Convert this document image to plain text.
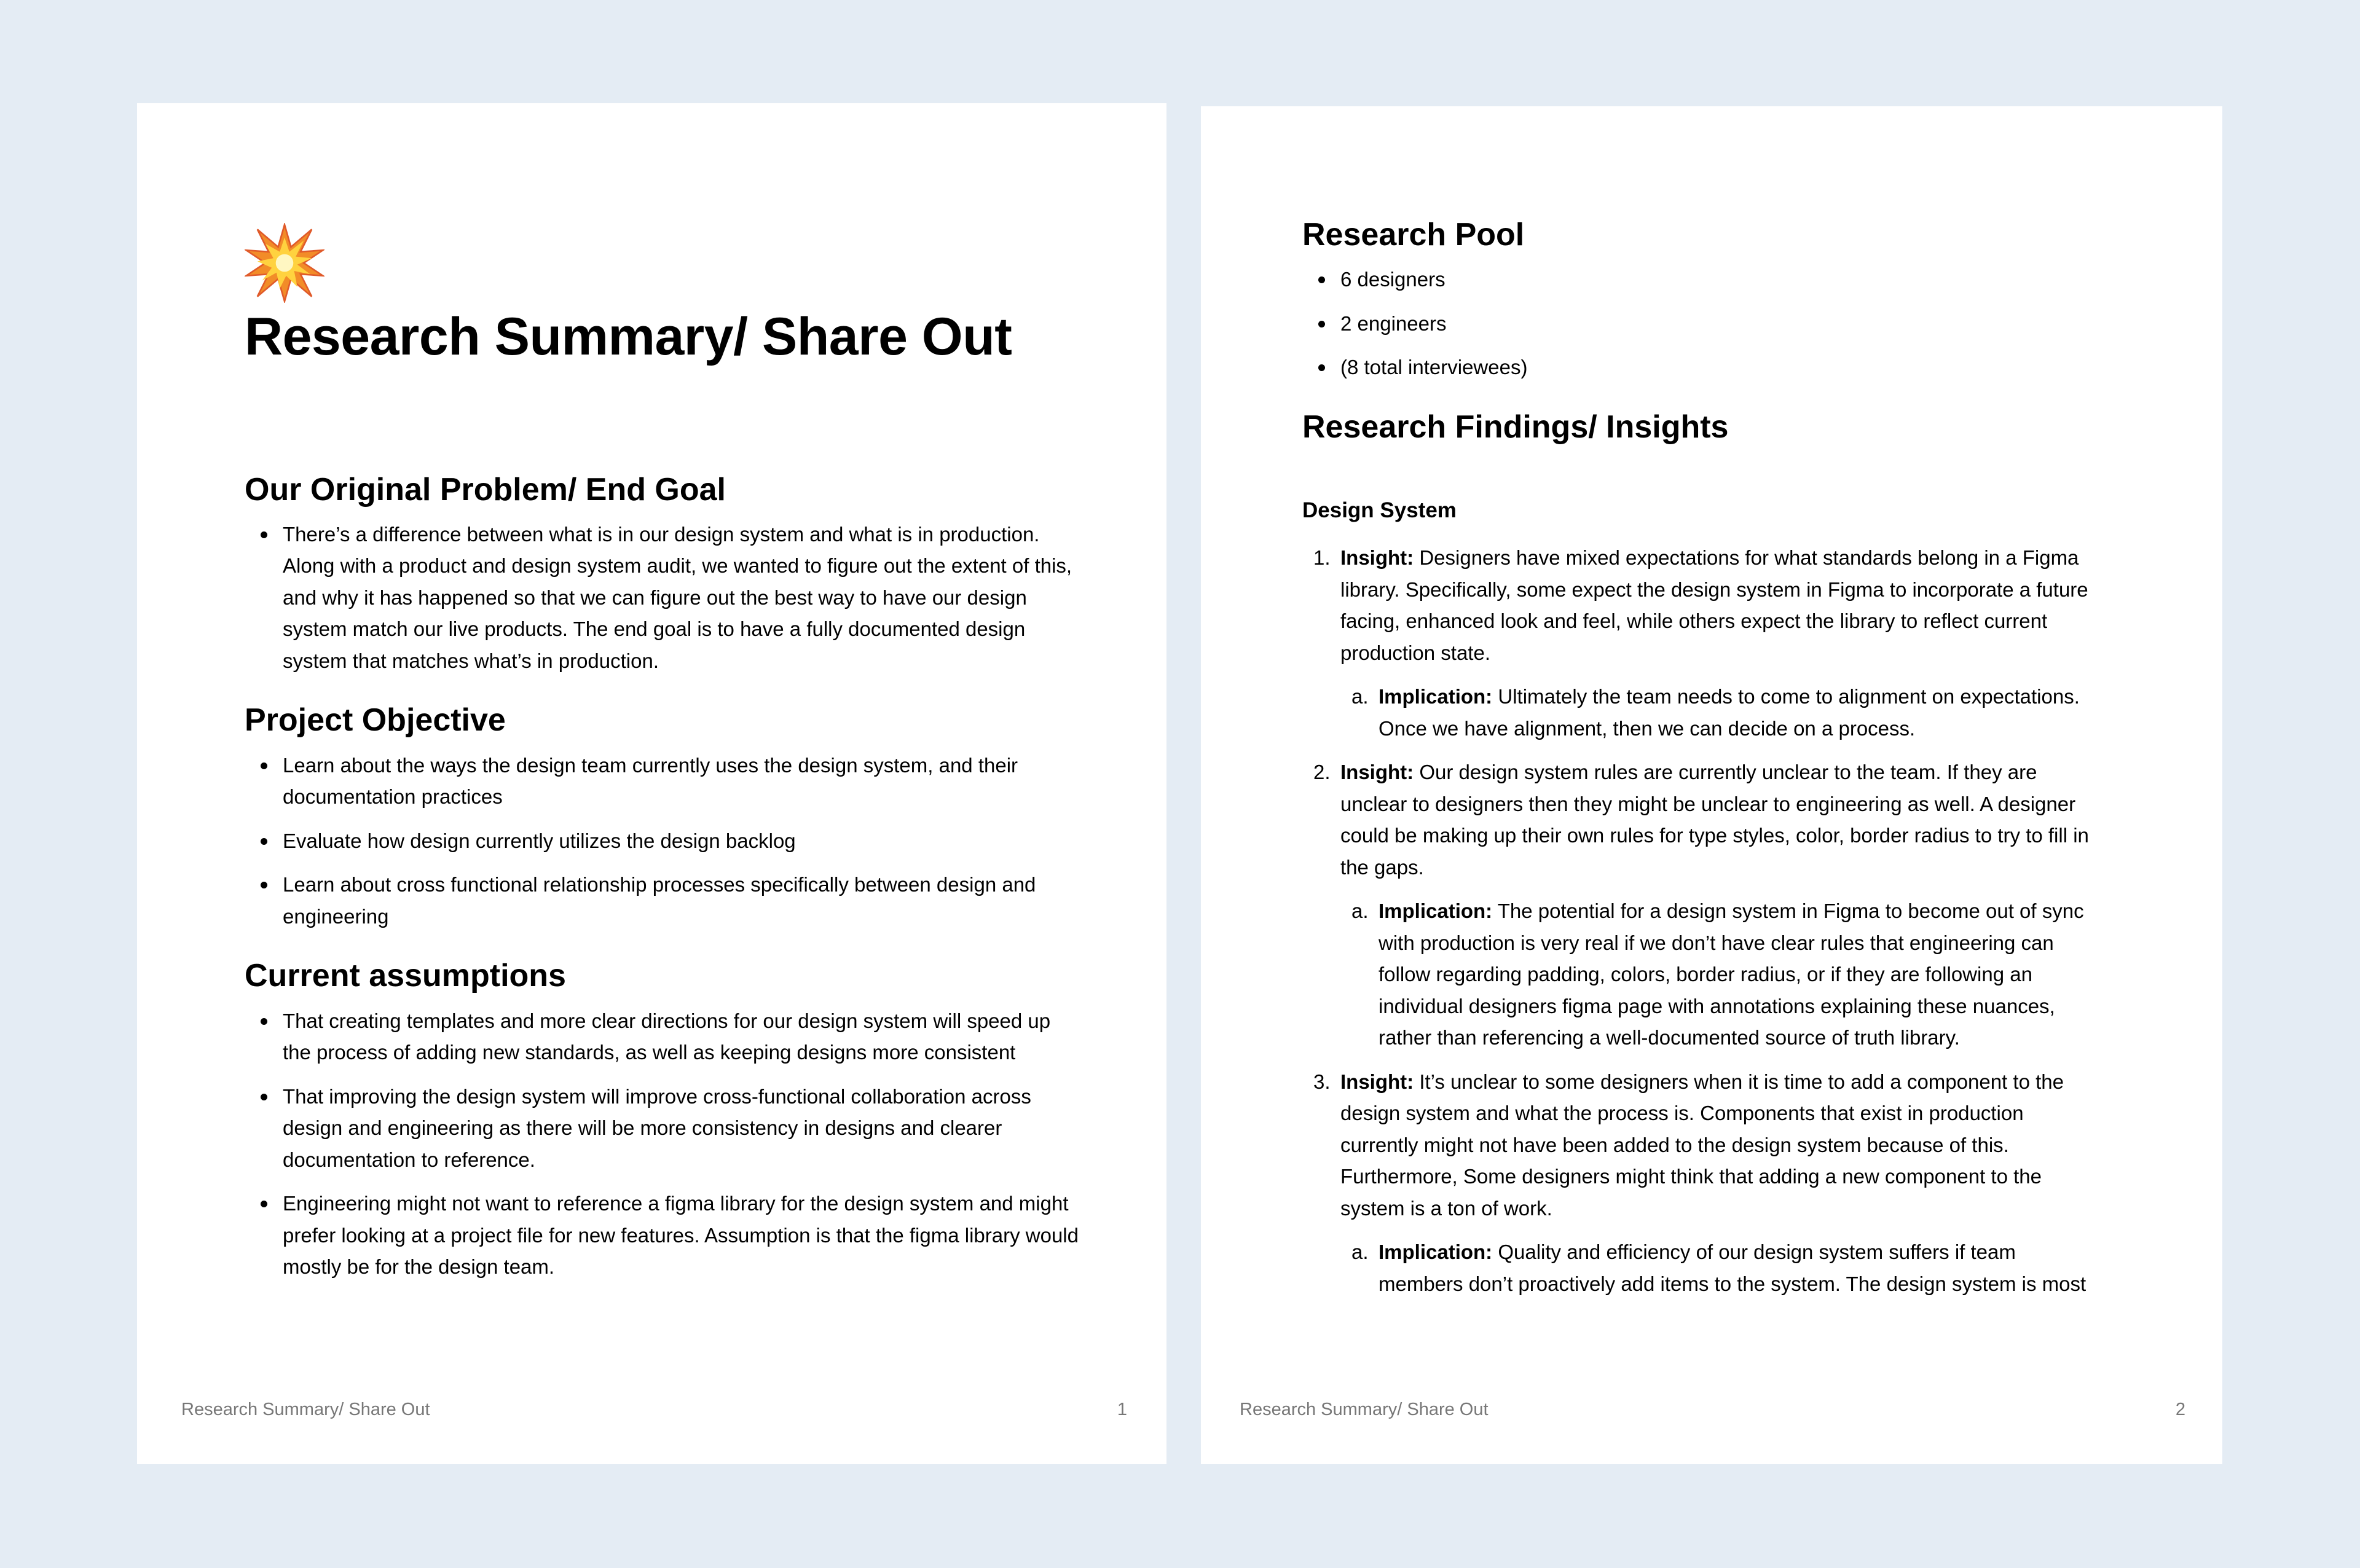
Research Summary/ Share Out
Our Original Problem/ End Goal
There’s a difference between what is in our design system and what is in production. Along with a product and design system audit, we wanted to figure out the extent of this, and why it has happened so that we can figure out the best way to have our design system match our live products. The end goal is to have a fully documented design system that matches what’s in production.
Project Objective
Learn about the ways the design team currently uses the design system, and their documentation practices
Evaluate how design currently utilizes the design backlog
Learn about cross functional relationship processes specifically between design and engineering
Current assumptions
That creating templates and more clear directions for our design system will speed up the process of adding new standards, as well as keeping designs more consistent
That improving the design system will improve cross-functional collaboration across design and engineering as there will be more consistency in designs and clearer documentation to reference.
Engineering might not want to reference a figma library for the design system and might prefer looking at a project file for new features. Assumption is that the figma library would mostly be for the design team.
Research Summary/ Share Out	1
Research Pool
6 designers
2 engineers
(8 total interviewees)
Research Findings/ Insights
Design System
1. Insight: Designers have mixed expectations for what standards belong in a Figma library. Specifically, some expect the design system in Figma to incorporate a future facing, enhanced look and feel, while others expect the library to reflect current production state.
a. Implication: Ultimately the team needs to come to alignment on expectations. Once we have alignment, then we can decide on a process.
2. Insight: Our design system rules are currently unclear to the team. If they are unclear to designers then they might be unclear to engineering as well. A designer could be making up their own rules for type styles, color, border radius to try to fill in the gaps.
a. Implication: The potential for a design system in Figma to become out of sync with production is very real if we don’t have clear rules that engineering can follow regarding padding, colors, border radius, or if they are following an individual designers figma page with annotations explaining these nuances, rather than referencing a well-documented source of truth library.
3. Insight: It’s unclear to some designers when it is time to add a component to the design system and what the process is. Components that exist in production currently might not have been added to the design system because of this. Furthermore, Some designers might think that adding a new component to the system is a ton of work.
a. Implication: Quality and efficiency of our design system suffers if team members don’t proactively add items to the system. The design system is most
Research Summary/ Share Out	2
